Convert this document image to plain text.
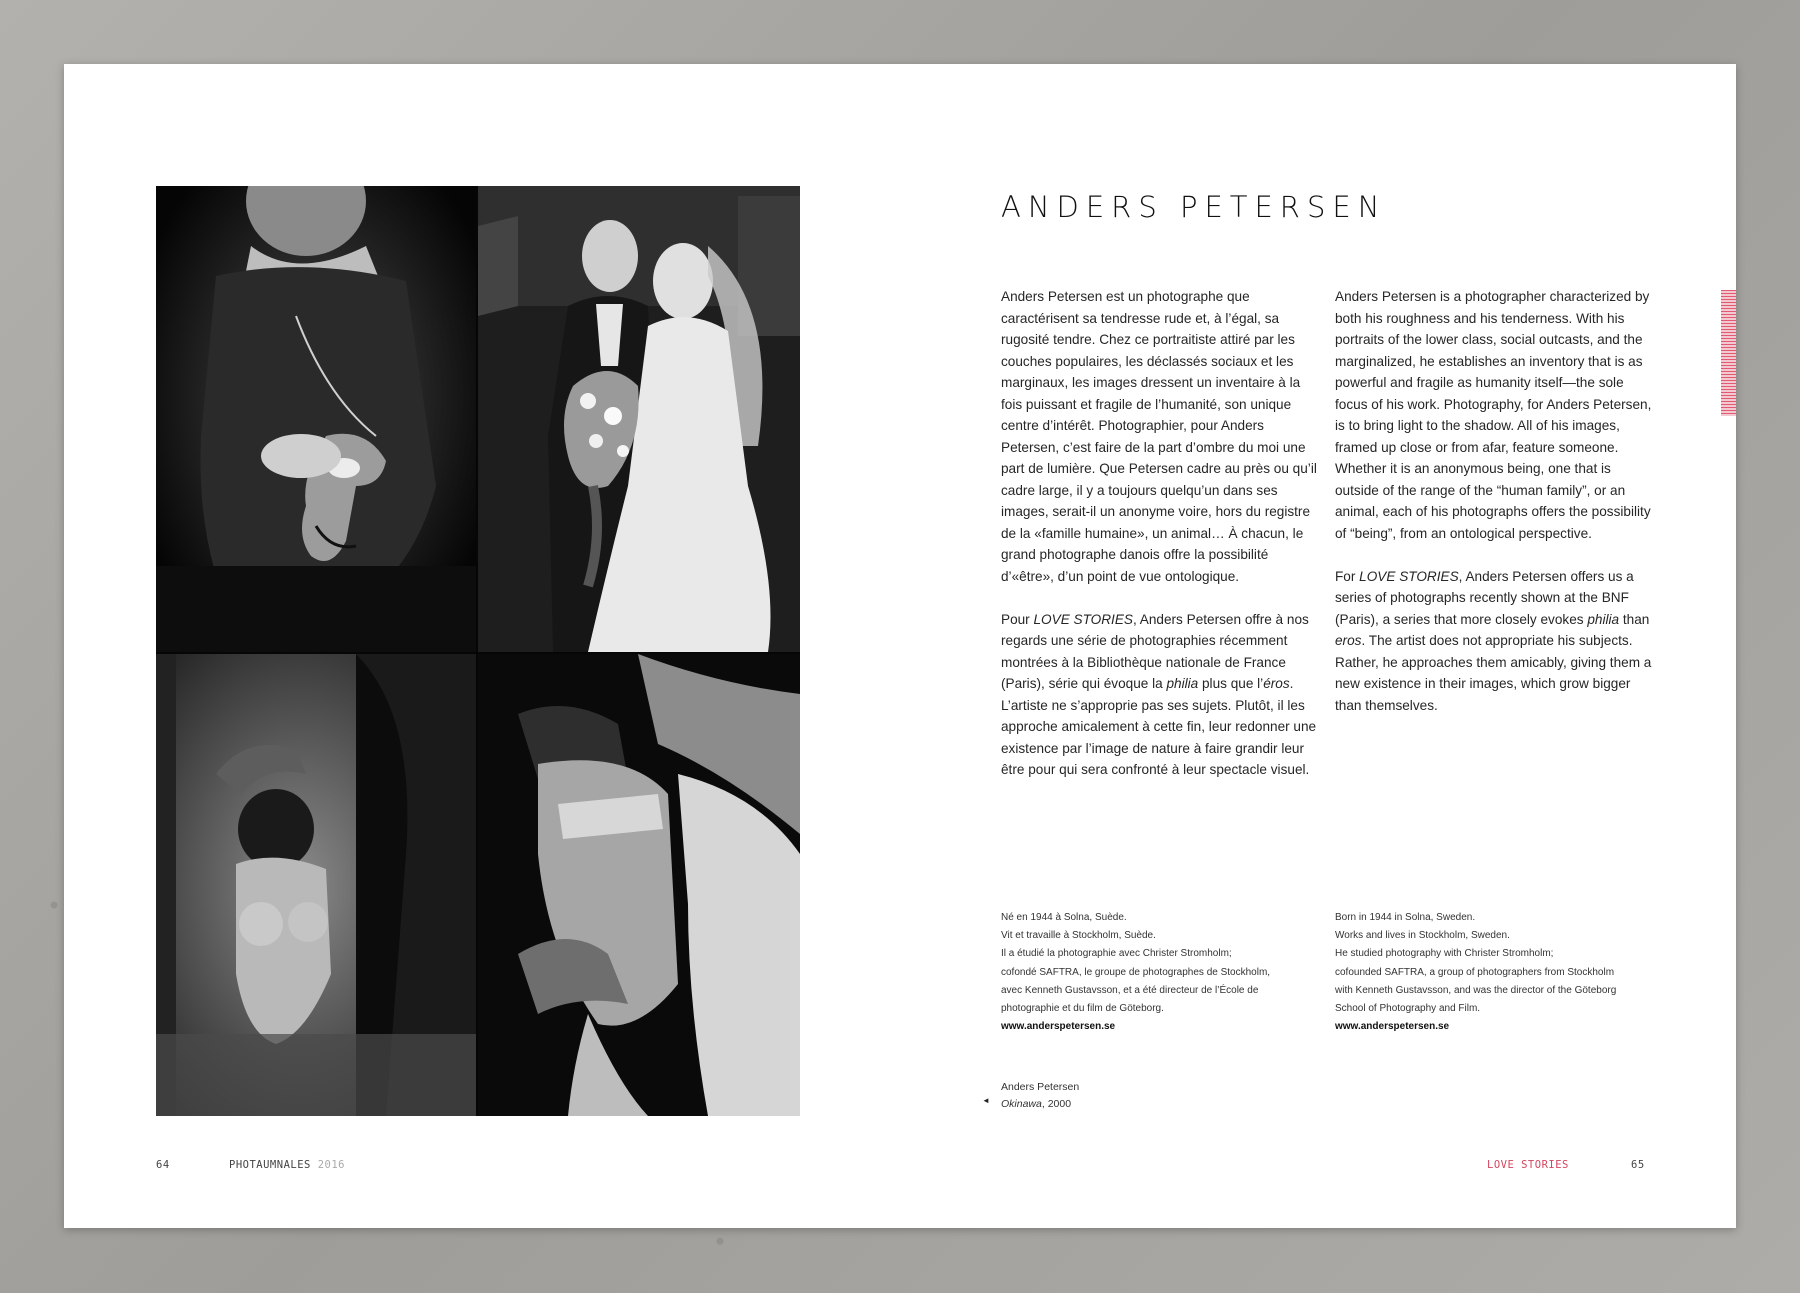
64	PHOTAUMNALES 2016
ANDERS PETERSEN

Anders Petersen est un photographe que caractérisent sa tendresse rude et, à l’égal, sa rugosité tendre. Chez ce portraitiste attiré par les couches populaires, les déclassés sociaux et les marginaux, les images dressent un inventaire à la fois puissant et fragile de l’humanité, son unique centre d’intérêt. Photographier, pour Anders Petersen, c’est faire de la part d’ombre du moi une part de lumière. Que Petersen cadre au près ou qu’il cadre large, il y a toujours quelqu’un dans ses images, serait-il un anonyme voire, hors du registre de la «famille humaine», un animal… À chacun, le grand photographe danois offre la possibilité d’«être», d’un point de vue ontologique.

Pour LOVE STORIES, Anders Petersen offre à nos regards une série de photographies récemment montrées à la Bibliothèque nationale de France (Paris), série qui évoque la philia plus que l’éros. L’artiste ne s’approprie pas ses sujets. Plutôt, il les approche amicalement à cette fin, leur redonner une existence par l’image de nature à faire grandir leur être pour qui sera confronté à leur spectacle visuel.

Anders Petersen is a photographer characterized by both his roughness and his tenderness. With his portraits of the lower class, social outcasts, and the marginalized, he establishes an inventory that is as powerful and fragile as humanity itself—the sole focus of his work. Photography, for Anders Petersen, is to bring light to the shadow. All of his images, framed up close or from afar, feature someone. Whether it is an anonymous being, one that is outside of the range of the “human family”, or an animal, each of his photographs offers the possibility of “being”, from an ontological perspective.

For LOVE STORIES, Anders Petersen offers us a series of photographs recently shown at the BNF (Paris), a series that more closely evokes philia than eros. The artist does not appropriate his subjects. Rather, he approaches them amicably, giving them a new existence in their images, which grow bigger than themselves.

Né en 1944 à Solna, Suède.
Vit et travaille à Stockholm, Suède.
Il a étudié la photographie avec Christer Stromholm;
cofondé SAFTRA, le groupe de photographes de Stockholm,
avec Kenneth Gustavsson, et a été directeur de l’École de
photographie et du film de Göteborg.
www.anderspetersen.se
Born in 1944 in Solna, Sweden.
Works and lives in Stockholm, Sweden.
He studied photography with Christer Stromholm;
cofounded SAFTRA, a group of photographers from Stockholm
with Kenneth Gustavsson, and was the director of the Göteborg
School of Photography and Film.
www.anderspetersen.se
◄
Anders Petersen
Okinawa, 2000
LOVE STORIES	65
